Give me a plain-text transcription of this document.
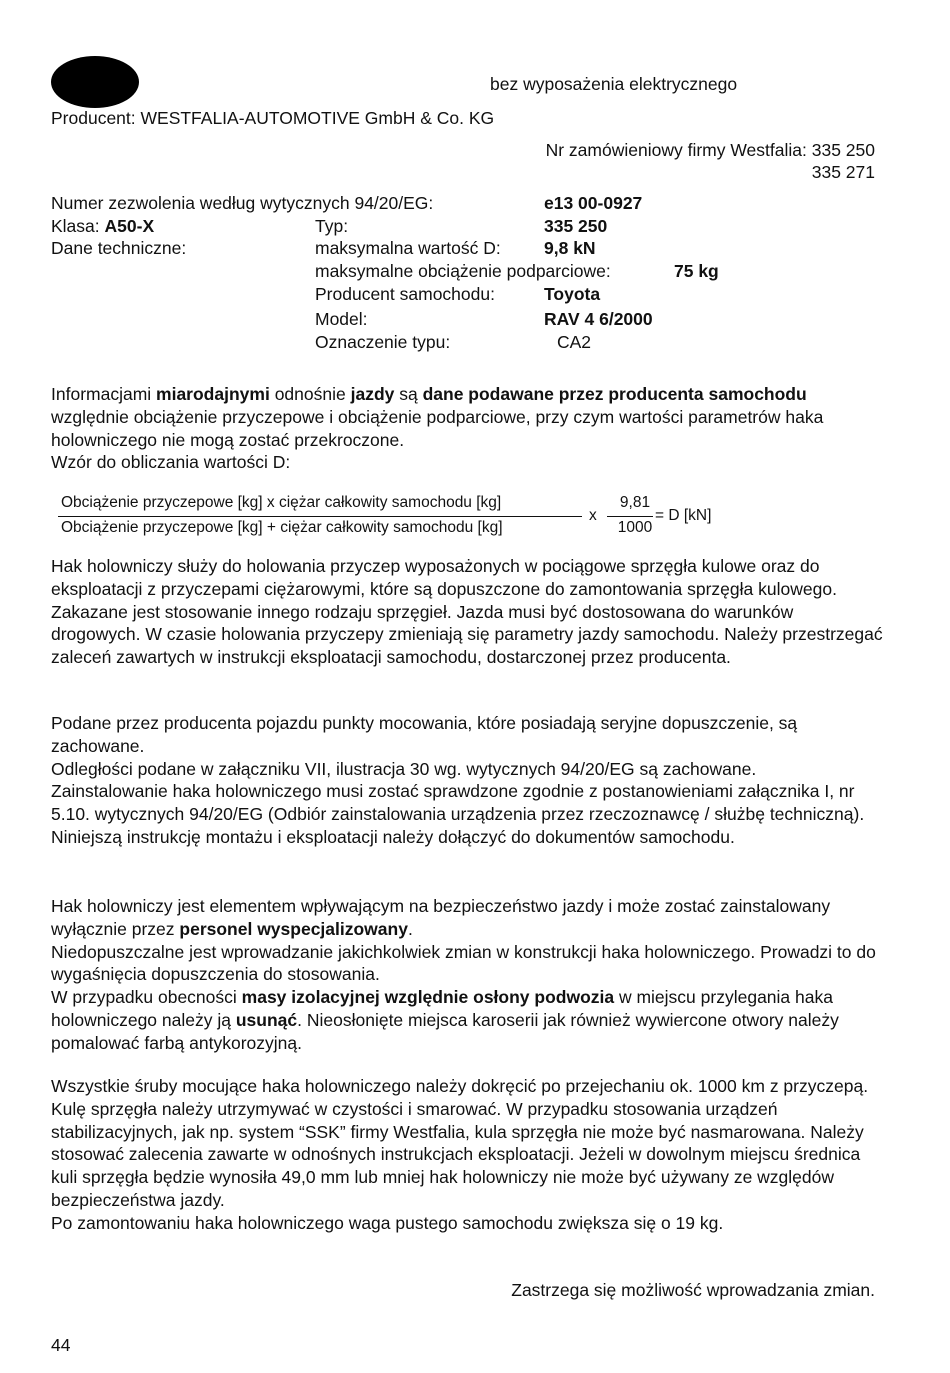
bez wyposażenia elektrycznego
Producent: WESTFALIA-AUTOMOTIVE GmbH & Co. KG
Nr zamówieniowy firmy Westfalia: 335 250
335 271
Numer zezwolenia według wytycznych 94/20/EG:	e13 00-0927
Klasa: A50-X	Typ:	335 250
Dane techniczne:	maksymalna wartość D: 9,8 kN
maksymalne obciążenie podparciowe:	75 kg
Producent samochodu:	Toyota
Model:	RAV 4 6/2000
Oznaczenie typu:	CA2

Informacjami miarodajnymi odnośnie jazdy są dane podawane przez producenta samochodu względnie obciążenie przyczepowe i obciążenie podparciowe, przy czym wartości parametrów haka holowniczego nie mogą zostać przekroczone.

Wzór do obliczania wartości D:

Obciążenie przyczepowe [kg] x ciężar całkowity samochodu [kg]
Obciążenie przyczepowe [kg] + ciężar całkowity samochodu [kg]
x
9,81
1000
= D [kN]

Hak holowniczy służy do holowania przyczep wyposażonych w pociągowe sprzęgła kulowe oraz do eksploatacji z przyczepami ciężarowymi, które są dopuszczone do zamontowania sprzęgła kulowego. Zakazane jest stosowanie innego rodzaju sprzęgieł. Jazda musi być dostosowana do warunków drogowych. W czasie holowania przyczepy zmieniają się parametry jazdy samochodu. Należy przestrzegać zaleceń zawartych w instrukcji eksploatacji samochodu, dostarczonej przez producenta.

Podane przez producenta pojazdu punkty mocowania, które posiadają seryjne dopuszczenie, są zachowane.

Odległości podane w załączniku VII, ilustracja 30 wg. wytycznych 94/20/EG są zachowane.

Zainstalowanie haka holowniczego musi zostać sprawdzone zgodnie z postanowieniami załącznika I, nr 5.10. wytycznych 94/20/EG (Odbiór zainstalowania urządzenia przez rzeczoznawcę / służbę techniczną).

Niniejszą instrukcję montażu i eksploatacji należy dołączyć do dokumentów samochodu.

Hak holowniczy jest elementem wpływającym na bezpieczeństwo jazdy i może zostać zainstalowany wyłącznie przez personel wyspecjalizowany.

Niedopuszczalne jest wprowadzanie jakichkolwiek zmian w konstrukcji haka holowniczego. Prowadzi to do wygaśnięcia dopuszczenia do stosowania.

W przypadku obecności masy izolacyjnej względnie osłony podwozia w miejscu przylegania haka holowniczego należy ją usunąć. Nieosłonięte miejsca karoserii jak również wywiercone otwory należy pomalować farbą antykorozyjną.

Wszystkie śruby mocujące haka holowniczego należy dokręcić po przejechaniu ok. 1000 km z przyczepą.

Kulę sprzęgła należy utrzymywać w czystości i smarować. W przypadku stosowania urządzeń stabilizacyjnych, jak np. system “SSK” firmy Westfalia, kula sprzęgła nie może być nasmarowana. Należy stosować zalecenia zawarte w odnośnych instrukcjach eksploatacji. Jeżeli w dowolnym miejscu średnica kuli sprzęgła będzie wynosiła 49,0 mm lub mniej hak holowniczy nie może być używany ze względów bezpieczeństwa jazdy.

Po zamontowaniu haka holowniczego waga pustego samochodu zwiększa się o 19 kg.

Zastrzega się możliwość wprowadzania zmian.
44
